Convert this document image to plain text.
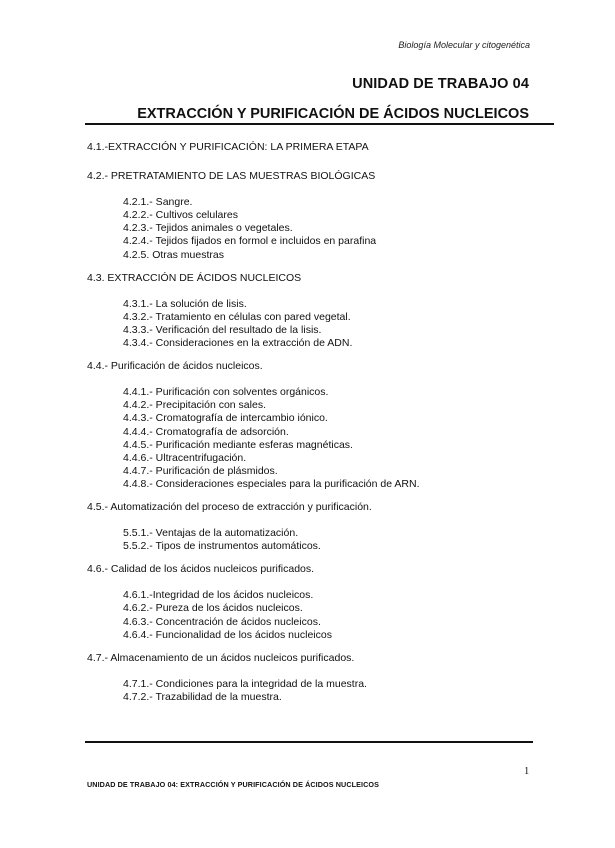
Biología Molecular y citogenética
UNIDAD DE TRABAJO 04
EXTRACCIÓN Y PURIFICACIÓN DE ÁCIDOS NUCLEICOS
4.1.-EXTRACCIÓN Y PURIFICACIÓN: LA PRIMERA ETAPA
4.2.- PRETRATAMIENTO DE LAS MUESTRAS BIOLÓGICAS
4.2.1.- Sangre.
4.2.2.- Cultivos celulares
4.2.3.- Tejidos animales o vegetales.
4.2.4.- Tejidos fijados en formol e incluidos en parafina
4.2.5. Otras muestras
4.3. EXTRACCIÓN DE ÁCIDOS NUCLEICOS
4.3.1.- La solución de lisis.
4.3.2.- Tratamiento en células con pared vegetal.
4.3.3.- Verificación del resultado de la lisis.
4.3.4.- Consideraciones en la extracción de ADN.
4.4.- Purificación de ácidos nucleicos.
4.4.1.- Purificación con solventes orgánicos.
4.4.2.- Precipitación con sales.
4.4.3.- Cromatografía de intercambio iónico.
4.4.4.- Cromatografía de adsorción.
4.4.5.- Purificación mediante esferas magnéticas.
4.4.6.- Ultracentrifugación.
4.4.7.- Purificación de plásmidos.
4.4.8.- Consideraciones especiales para la purificación de ARN.
4.5.- Automatización del proceso de extracción y purificación.
5.5.1.- Ventajas de la automatización.
5.5.2.- Tipos de instrumentos automáticos.
4.6.- Calidad de los ácidos nucleicos purificados.
4.6.1.-Integridad de los ácidos nucleicos.
4.6.2.- Pureza de los ácidos nucleicos.
4.6.3.- Concentración de ácidos nucleicos.
4.6.4.- Funcionalidad de los ácidos nucleicos
4.7.- Almacenamiento de un ácidos nucleicos purificados.
4.7.1.- Condiciones para la integridad de la muestra.
4.7.2.- Trazabilidad de la muestra.
1
UNIDAD DE TRABAJO 04: EXTRACCIÓN Y PURIFICACIÓN DE ÁCIDOS NUCLEICOS
